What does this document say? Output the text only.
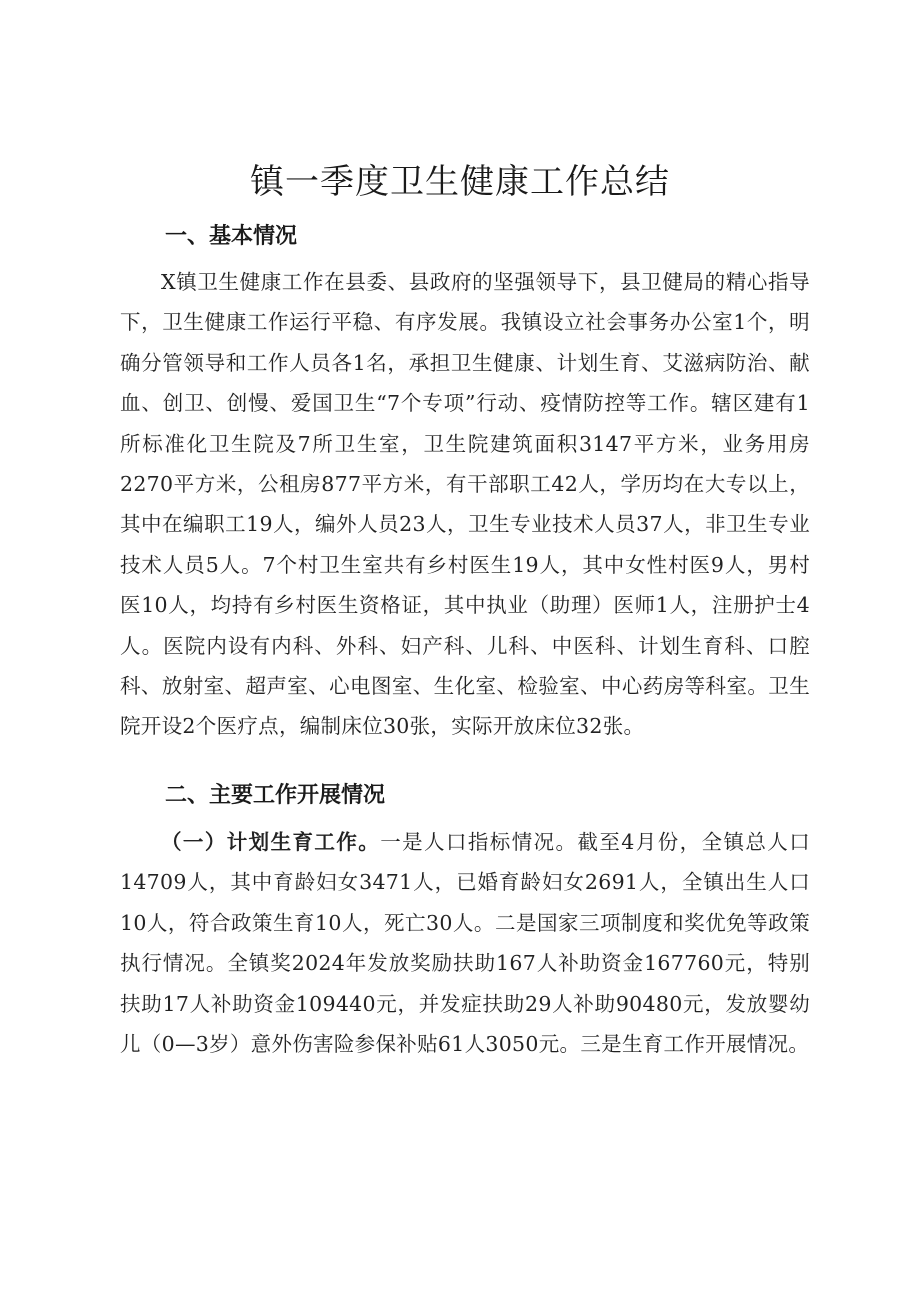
镇一季度卫生健康工作总结
一、基本情况

X镇卫生健康工作在县委、县政府的坚强领导下，县卫健局的精心指导下，卫生健康工作运行平稳、有序发展。我镇设立社会事务办公室1个，明确分管领导和工作人员各1名，承担卫生健康、计划生育、艾滋病防治、献血、创卫、创慢、爱国卫生“7个专项”行动、疫情防控等工作。辖区建有1所标准化卫生院及7所卫生室，卫生院建筑面积3147平方米，业务用房2270平方米，公租房877平方米，有干部职工42人，学历均在大专以上，其中在编职工19人，编外人员23人，卫生专业技术人员37人，非卫生专业技术人员5人。7个村卫生室共有乡村医生19人，其中女性村医9人，男村医10人，均持有乡村医生资格证，其中执业（助理）医师1人，注册护士4人。医院内设有内科、外科、妇产科、儿科、中医科、计划生育科、口腔科、放射室、超声室、心电图室、生化室、检验室、中心药房等科室。卫生院开设2个医疗点，编制床位30张，实际开放床位32张。

二、主要工作开展情况

（一）计划生育工作。一是人口指标情况。截至4月份，全镇总人口14709人，其中育龄妇女3471人，已婚育龄妇女2691人，全镇出生人口10人，符合政策生育10人，死亡30人。二是国家三项制度和奖优免等政策执行情况。全镇奖2024年发放奖励扶助167人补助资金167760元，特别扶助17人补助资金109440元，并发症扶助29人补助90480元，发放婴幼儿（0—3岁）意外伤害险参保补贴61人3050元。三是生育工作开展情况。
